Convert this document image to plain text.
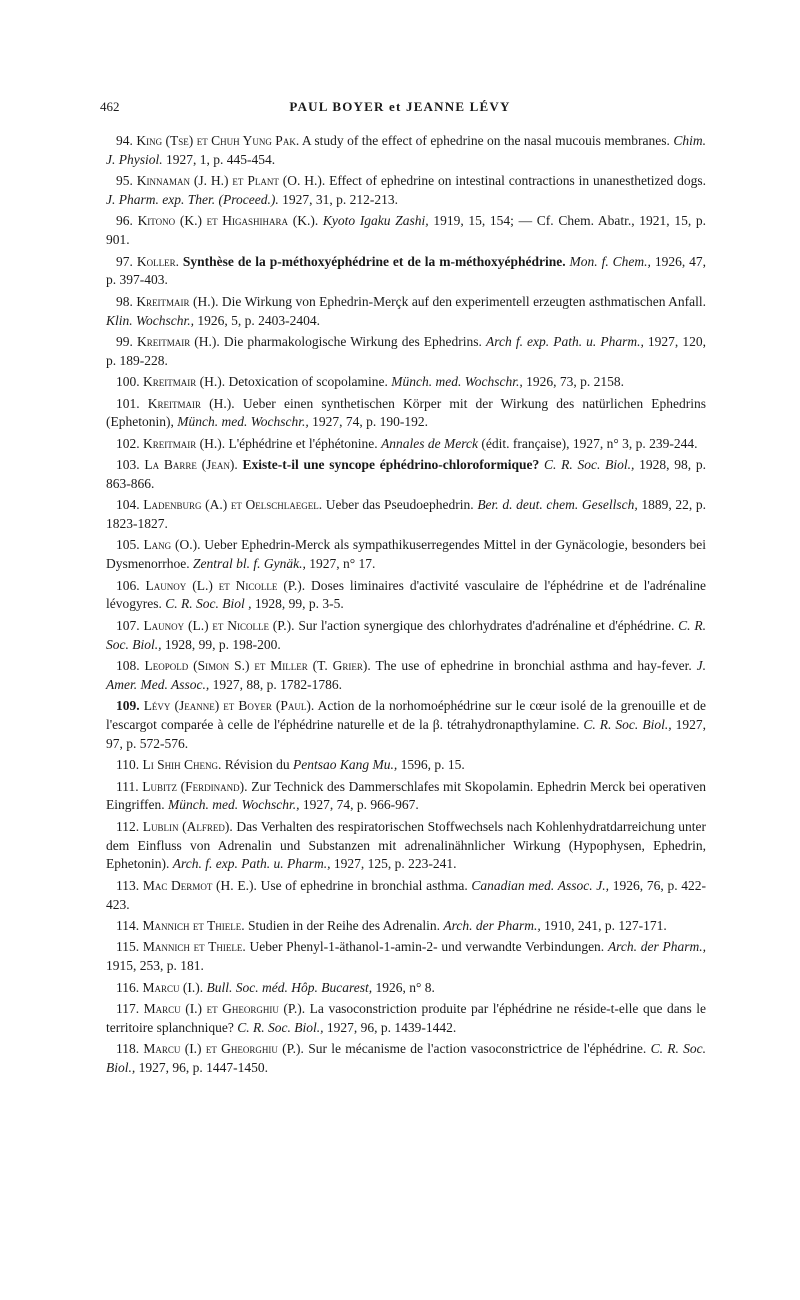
462	PAUL BOYER et JEANNE LÉVY

94. King (Tse) et Chuh Yung Pak. A study of the effect of ephedrine on the nasal mucouis membranes. Chim. J. Physiol. 1927, 1, p. 445-454.

95. Kinnaman (J. H.) et Plant (O. H.). Effect of ephedrine on intestinal contractions in unanesthetized dogs. J. Pharm. exp. Ther. (Proceed.). 1927, 31, p. 212-213.

96. Kitono (K.) et Higashihara (K.). Kyoto Igaku Zashi, 1919, 15, 154; — Cf. Chem. Abatr., 1921, 15, p. 901.

97. Koller. Synthèse de la p-méthoxyéphédrine et de la m-méthoxyéphédrine. Mon. f. Chem., 1926, 47, p. 397-403.

98. Kreitmair (H.). Die Wirkung von Ephedrin-Merçk auf den experimentell erzeugten asthmatischen Anfall. Klin. Wochschr., 1926, 5, p. 2403-2404.

99. Kreitmair (H.). Die pharmakologische Wirkung des Ephedrins. Arch f. exp. Path. u. Pharm., 1927, 120, p. 189-228.

100. Kreitmair (H.). Detoxication of scopolamine. Münch. med. Wochschr., 1926, 73, p. 2158.

101. Kreitmair (H.). Ueber einen synthetischen Körper mit der Wirkung des natürlichen Ephedrins (Ephetonin), Münch. med. Wochschr., 1927, 74, p. 190-192.

102. Kreitmair (H.). L'éphédrine et l'éphétonine. Annales de Merck (édit. française), 1927, n° 3, p. 239-244.

103. La Barre (Jean). Existe-t-il une syncope éphédrino-chloroformique? C. R. Soc. Biol., 1928, 98, p. 863-866.

104. Ladenburg (A.) et Oelschlaegel. Ueber das Pseudoephedrin. Ber. d. deut. chem. Gesellsch, 1889, 22, p. 1823-1827.

105. Lang (O.). Ueber Ephedrin-Merck als sympathikuserregendes Mittel in der Gynäcologie, besonders bei Dysmenorrhoe. Zentral bl. f. Gynäk., 1927, n° 17.

106. Launoy (L.) et Nicolle (P.). Doses liminaires d'activité vasculaire de l'éphédrine et de l'adrénaline lévogyres. C. R. Soc. Biol , 1928, 99, p. 3-5.

107. Launoy (L.) et Nicolle (P.). Sur l'action synergique des chlorhydrates d'adrénaline et d'éphédrine. C. R. Soc. Biol., 1928, 99, p. 198-200.

108. Leopold (Simon S.) et Miller (T. Grier). The use of ephedrine in bronchial asthma and hay-fever. J. Amer. Med. Assoc., 1927, 88, p. 1782-1786.

109. Lévy (Jeanne) et Boyer (Paul). Action de la norhomoéphédrine sur le cœur isolé de la grenouille et de l'escargot comparée à celle de l'éphédrine naturelle et de la β. tétrahydronapthylamine. C. R. Soc. Biol., 1927, 97, p. 572-576.

110. Li Shih Cheng. Révision du Pentsao Kang Mu., 1596, p. 15.

111. Lubitz (Ferdinand). Zur Technick des Dammerschlafes mit Skopolamin. Ephedrin Merck bei operativen Eingriffen. Münch. med. Wochschr., 1927, 74, p. 966-967.

112. Lublin (Alfred). Das Verhalten des respiratorischen Stoffwechsels nach Kohlenhydratdarreichung unter dem Einfluss von Adrenalin und Substanzen mit adrenalinähnlicher Wirkung (Hypophysen, Ephedrin, Ephetonin). Arch. f. exp. Path. u. Pharm., 1927, 125, p. 223-241.

113. Mac Dermot (H. E.). Use of ephedrine in bronchial asthma. Canadian med. Assoc. J., 1926, 76, p. 422-423.

114. Mannich et Thiele. Studien in der Reihe des Adrenalin. Arch. der Pharm., 1910, 241, p. 127-171.

115. Mannich et Thiele. Ueber Phenyl-1-äthanol-1-amin-2- und verwandte Verbindungen. Arch. der Pharm., 1915, 253, p. 181.

116. Marcu (I.). Bull. Soc. méd. Hôp. Bucarest, 1926, n° 8.

117. Marcu (I.) et Gheorghiu (P.). La vasoconstriction produite par l'éphédrine ne réside-t-elle que dans le territoire splanchnique? C. R. Soc. Biol., 1927, 96, p. 1439-1442.

118. Marcu (I.) et Gheorghiu (P.). Sur le mécanisme de l'action vasoconstrictrice de l'éphédrine. C. R. Soc. Biol., 1927, 96, p. 1447-1450.
